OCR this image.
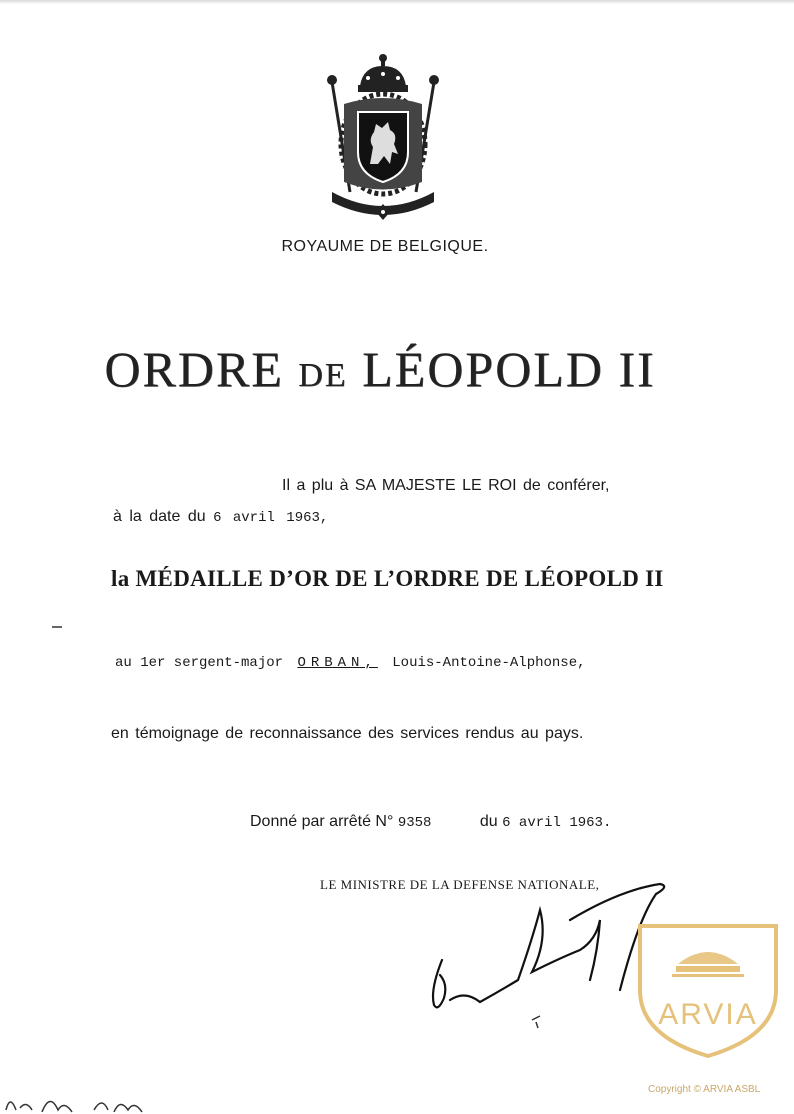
ROYAUME DE BELGIQUE.
ORDRE DE LÉOPOLD II
Il a plu à SA MAJESTE LE ROI de conférer,
à la date du 6 avril 1963,
la MÉDAILLE D’OR DE L’ORDRE DE LÉOPOLD II
au 1er sergent-major ORBAN, Louis-Antoine-Alphonse,
en témoignage de reconnaissance des services rendus au pays.
Donné par arrêté N° 9358	du 6 avril 1963.
LE MINISTRE DE LA DEFENSE NATIONALE,
ARVIA
Copyright © ARVIA ASBL
